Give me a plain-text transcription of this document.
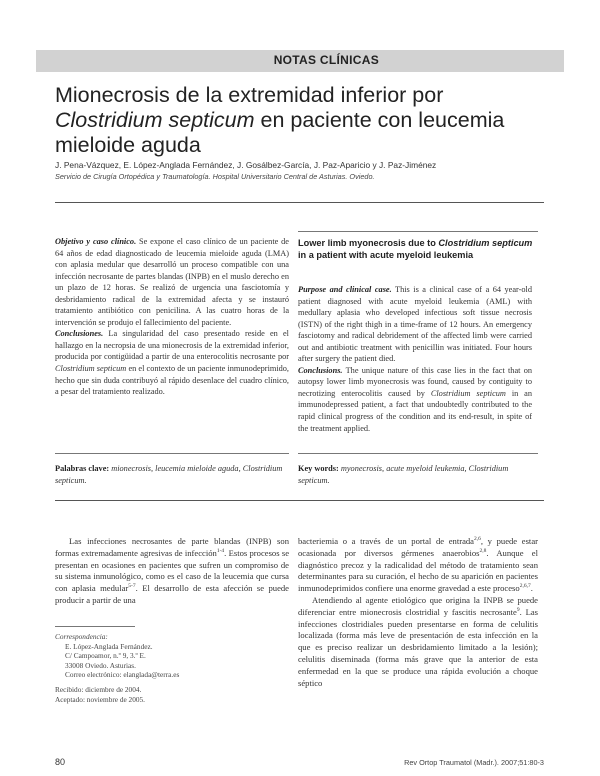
NOTAS CLÍNICAS
Mionecrosis de la extremidad inferior por
Clostridium septicum en paciente con leucemia
mieloide aguda
J. Pena-Vázquez, E. López-Anglada Fernández, J. Gosálbez-García, J. Paz-Aparicio y J. Paz-Jiménez
Servicio de Cirugía Ortopédica y Traumatología. Hospital Universitario Central de Asturias. Oviedo.

Objetivo y caso clínico. Se expone el caso clínico de un paciente de 64 años de edad diagnosticado de leucemia mieloide aguda (LMA) con aplasia medular que desarrolló un proceso compatible con una infección necrosante de partes blandas (INPB) en el muslo derecho en un plazo de 12 horas. Se realizó de urgencia una fasciotomía y desbridamiento radical de la extremidad afecta y se instauró tratamiento antibiótico con penicilina. A las cuatro horas de la intervención se produjo el fallecimiento del paciente.

Conclusiones. La singularidad del caso presentado reside en el hallazgo en la necropsia de una mionecrosis de la extremidad inferior, producida por contigüidad a partir de una enterocolitis necrosante por Clostridium septicum en el contexto de un paciente inmunodeprimido, hecho que sin duda contribuyó al rápido desenlace del cuadro clínico, a pesar del tratamiento realizado.

Lower limb myonecrosis due to Clostridium septicum in a patient with acute myeloid leukemia

Purpose and clinical case. This is a clinical case of a 64 year-old patient diagnosed with acute myeloid leukemia (AML) with medullary aplasia who developed infectious soft tissue necrosis (ISTN) of the right thigh in a time-frame of 12 hours. An emergency fasciotomy and radical debridement of the affected limb were carried out and antibiotic treatment with penicillin was initiated. Four hours after surgery the patient died.

Conclusions. The unique nature of this case lies in the fact that on autopsy lower limb myonecrosis was found, caused by contiguity to necrotizing enterocolitis caused by Clostridium septicum in an immunodepressed patient, a fact that undoubtedly contributed to the rapid clinical progress of the condition and its end-result, in spite of the treatment applied.

Palabras clave: mionecrosis, leucemia mieloide aguda, Clostridium septicum.
Key words: myonecrosis, acute myeloid leukemia, Clostridium septicum.

Las infecciones necrosantes de parte blandas (INPB) son formas extremadamente agresivas de infección$^{1-4}$. Estos procesos se presentan en ocasiones en pacientes que sufren un compromiso de su sistema inmunológico, como es el caso de la leucemia que cursa con aplasia medular$^{5-7}$. El desarrollo de esta afección se puede producir a partir de una

bacteriemia o a través de un portal de entrada$^{2,6}$, y puede estar ocasionada por diversos gérmenes anaerobios$^{2,8}$. Aunque el diagnóstico precoz y la radicalidad del método de tratamiento sean determinantes para su curación, el hecho de su aparición en pacientes inmunodeprimidos confiere una enorme gravedad a este proceso$^{2,6,7}$.

Atendiendo al agente etiológico que origina la INPB se puede diferenciar entre mionecrosis clostridial y fascitis necrosante$^9$. Las infecciones clostridiales pueden presentarse en forma de celulitis localizada (forma más leve de presentación de esta infección en la que es preciso realizar un desbridamiento limitado a la lesión); celulitis diseminada (forma más grave que la anterior de esta enfermedad en la que se produce una rápida evolución a choque séptico

Correspondencia:
E. López-Anglada Fernández.
C/ Campoamor, n.º 9, 3.º E.
33008 Oviedo. Asturias.
Correo electrónico: elanglada@terra.es
Recibido: diciembre de 2004.
Aceptado: noviembre de 2005.
80	Rev Ortop Traumatol (Madr.). 2007;51:80-3
